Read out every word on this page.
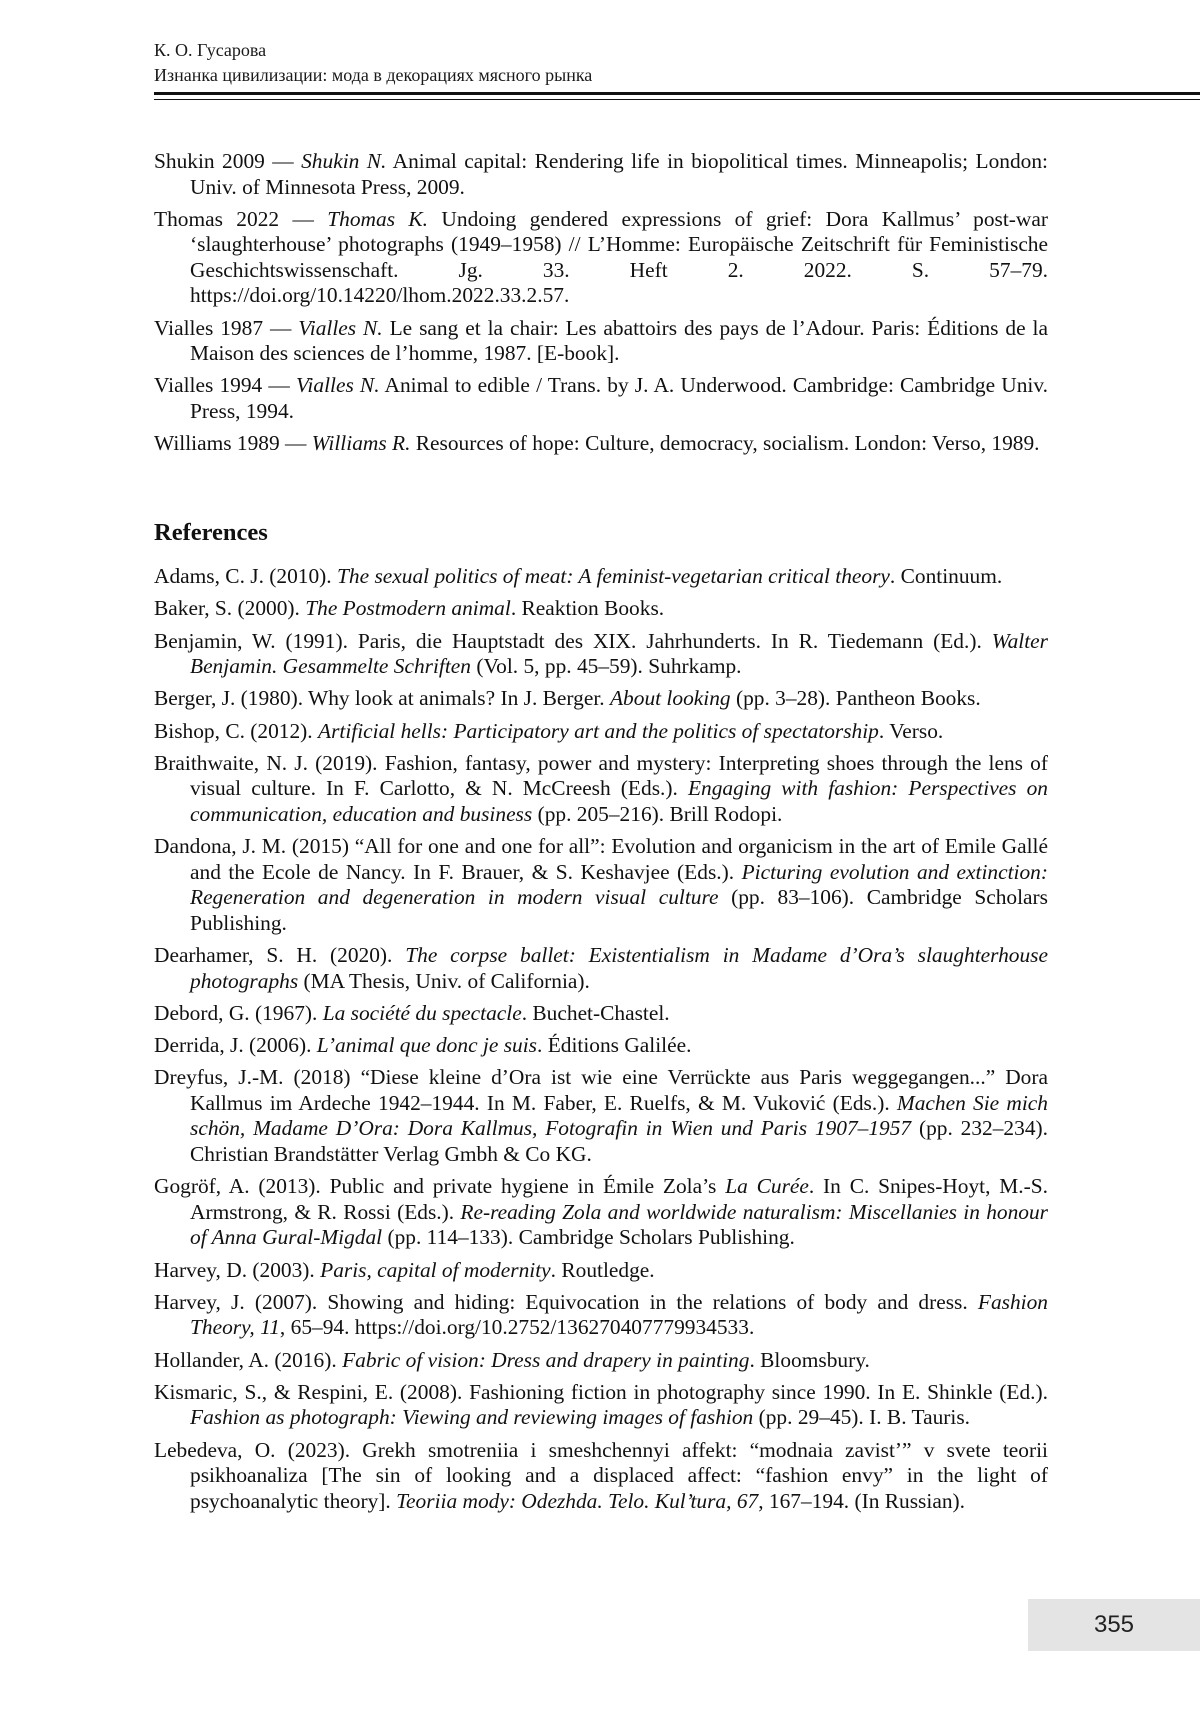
К. О. Гусарова
Изнанка цивилизации: мода в декорациях мясного рынка
Shukin 2009 — Shukin N. Animal capital: Rendering life in biopolitical times. Minneapolis; London: Univ. of Minnesota Press, 2009.
Thomas 2022 — Thomas K. Undoing gendered expressions of grief: Dora Kallmus’ post-war ‘slaughterhouse’ photographs (1949–1958) // L’Homme: Europäische Zeitschrift für Feministische Geschichtswissenschaft. Jg. 33. Heft 2. 2022. S. 57–79. https://doi.org/10.14220/lhom.2022.33.2.57.
Vialles 1987 — Vialles N. Le sang et la chair: Les abattoirs des pays de l’Adour. Paris: Éditions de la Maison des sciences de l’homme, 1987. [E-book].
Vialles 1994 — Vialles N. Animal to edible / Trans. by J. A. Underwood. Cambridge: Cambridge Univ. Press, 1994.
Williams 1989 — Williams R. Resources of hope: Culture, democracy, socialism. London: Verso, 1989.
References
Adams, C. J. (2010). The sexual politics of meat: A feminist-vegetarian critical theory. Continuum.
Baker, S. (2000). The Postmodern animal. Reaktion Books.
Benjamin, W. (1991). Paris, die Hauptstadt des XIX. Jahrhunderts. In R. Tiedemann (Ed.). Walter Benjamin. Gesammelte Schriften (Vol. 5, pp. 45–59). Suhrkamp.
Berger, J. (1980). Why look at animals? In J. Berger. About looking (pp. 3–28). Pantheon Books.
Bishop, C. (2012). Artificial hells: Participatory art and the politics of spectatorship. Verso.
Braithwaite, N. J. (2019). Fashion, fantasy, power and mystery: Interpreting shoes through the lens of visual culture. In F. Carlotto, & N. McCreesh (Eds.). Engaging with fashion: Perspectives on communication, education and business (pp. 205–216). Brill Rodopi.
Dandona, J. M. (2015) “All for one and one for all”: Evolution and organicism in the art of Emile Gallé and the Ecole de Nancy. In F. Brauer, & S. Keshavjee (Eds.). Picturing evolution and extinction: Regeneration and degeneration in modern visual culture (pp. 83–106). Cambridge Scholars Publishing.
Dearhamer, S. H. (2020). The corpse ballet: Existentialism in Madame d’Ora’s slaughterhouse photographs (MA Thesis, Univ. of California).
Debord, G. (1967). La société du spectacle. Buchet-Chastel.
Derrida, J. (2006). L’animal que donc je suis. Éditions Galilée.
Dreyfus, J.-M. (2018) “Diese kleine d’Ora ist wie eine Verrückte aus Paris weggegangen...” Dora Kallmus im Ardeche 1942–1944. In M. Faber, E. Ruelfs, & M. Vuković (Eds.). Machen Sie mich schön, Madame D’Ora: Dora Kallmus, Fotografin in Wien und Paris 1907–1957 (pp. 232–234). Christian Brandstätter Verlag Gmbh & Co KG.
Gogröf, A. (2013). Public and private hygiene in Émile Zola’s La Curée. In C. Snipes-Hoyt, M.-S. Armstrong, & R. Rossi (Eds.). Re-reading Zola and worldwide naturalism: Miscellanies in honour of Anna Gural-Migdal (pp. 114–133). Cambridge Scholars Publishing.
Harvey, D. (2003). Paris, capital of modernity. Routledge.
Harvey, J. (2007). Showing and hiding: Equivocation in the relations of body and dress. Fashion Theory, 11, 65–94. https://doi.org/10.2752/136270407779934533.
Hollander, A. (2016). Fabric of vision: Dress and drapery in painting. Bloomsbury.
Kismaric, S., & Respini, E. (2008). Fashioning fiction in photography since 1990. In E. Shinkle (Ed.). Fashion as photograph: Viewing and reviewing images of fashion (pp. 29–45). I. B. Tauris.
Lebedeva, O. (2023). Grekh smotreniia i smeshchennyi affekt: “modnaia zavist’” v svete teorii psikhoanaliza [The sin of looking and a displaced affect: “fashion envy” in the light of psychoanalytic theory]. Teoriia mody: Odezhda. Telo. Kul’tura, 67, 167–194. (In Russian).
355
